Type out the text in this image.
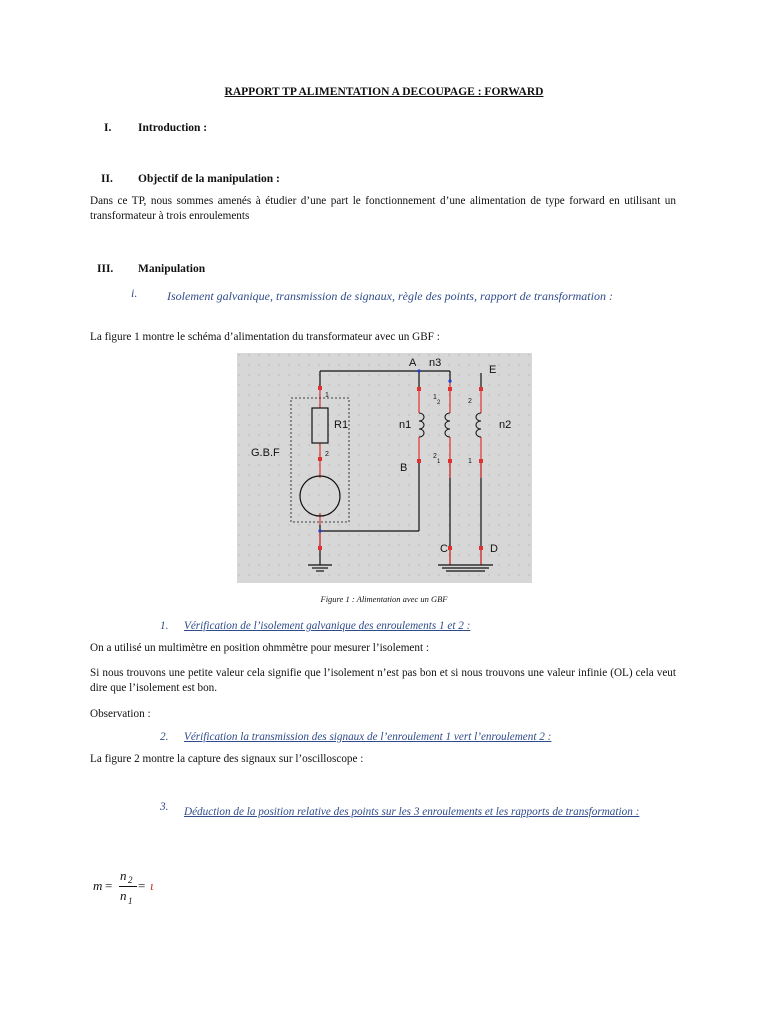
RAPPORT TP ALIMENTATION A DECOUPAGE : FORWARD
I. Introduction :
II. Objectif de la manipulation :
Dans ce TP, nous sommes amenés à étudier d’une part le fonctionnement d’une alimentation de type forward en utilisant un transformateur à trois enroulements
III. Manipulation
i. Isolement galvanique, transmission de signaux, règle des points, rapport de transformation :
La figure 1 montre le schéma d’alimentation du transformateur avec un GBF :
A n3
E
R1
G.B.F
n1	n2
B
C	D
1
2
1
2	2
2
1	1
Figure 1 : Alimentation avec un GBF
1. Vérification de l’isolement galvanique des enroulements 1 et 2 :
On a utilisé un multimètre en position ohmmètre pour mesurer l’isolement :
Si nous trouvons une petite valeur cela signifie que l’isolement n’est pas bon et si nous trouvons une valeur infinie (OL) cela veut dire que l’isolement est bon.
Observation :
2. Vérification la transmission des signaux de l’enroulement 1 vert l’enroulement 2 :
La figure 2 montre la capture des signaux sur l’oscilloscope :
3.	Déduction de la position relative des points sur les 3 enroulements et les rapports de transformation :
m =
n 2
n 1
= ι
